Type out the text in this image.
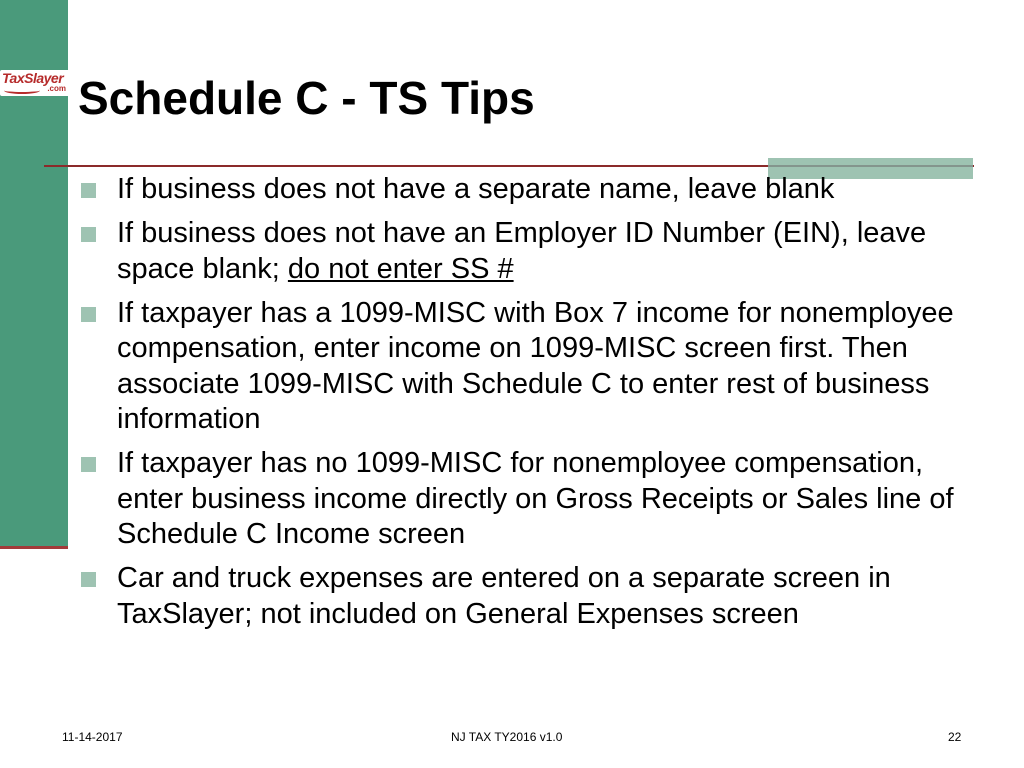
TaxSlayer
.com Schedule C - TS Tips
If business does not have a separate name, leave blank
If business does not have an Employer ID Number (EIN), leave space blank; do not enter SS #
If taxpayer has a 1099-MISC with Box 7 income for nonemployee compensation, enter income on 1099-MISC screen first. Then associate 1099-MISC with Schedule C to enter rest of business information
If taxpayer has no 1099-MISC for nonemployee compensation, enter business income directly on Gross Receipts or Sales line of Schedule C Income screen
Car and truck expenses are entered on a separate screen in TaxSlayer; not included on General Expenses screen
11-14-2017	NJ TAX TY2016 v1.0	22
